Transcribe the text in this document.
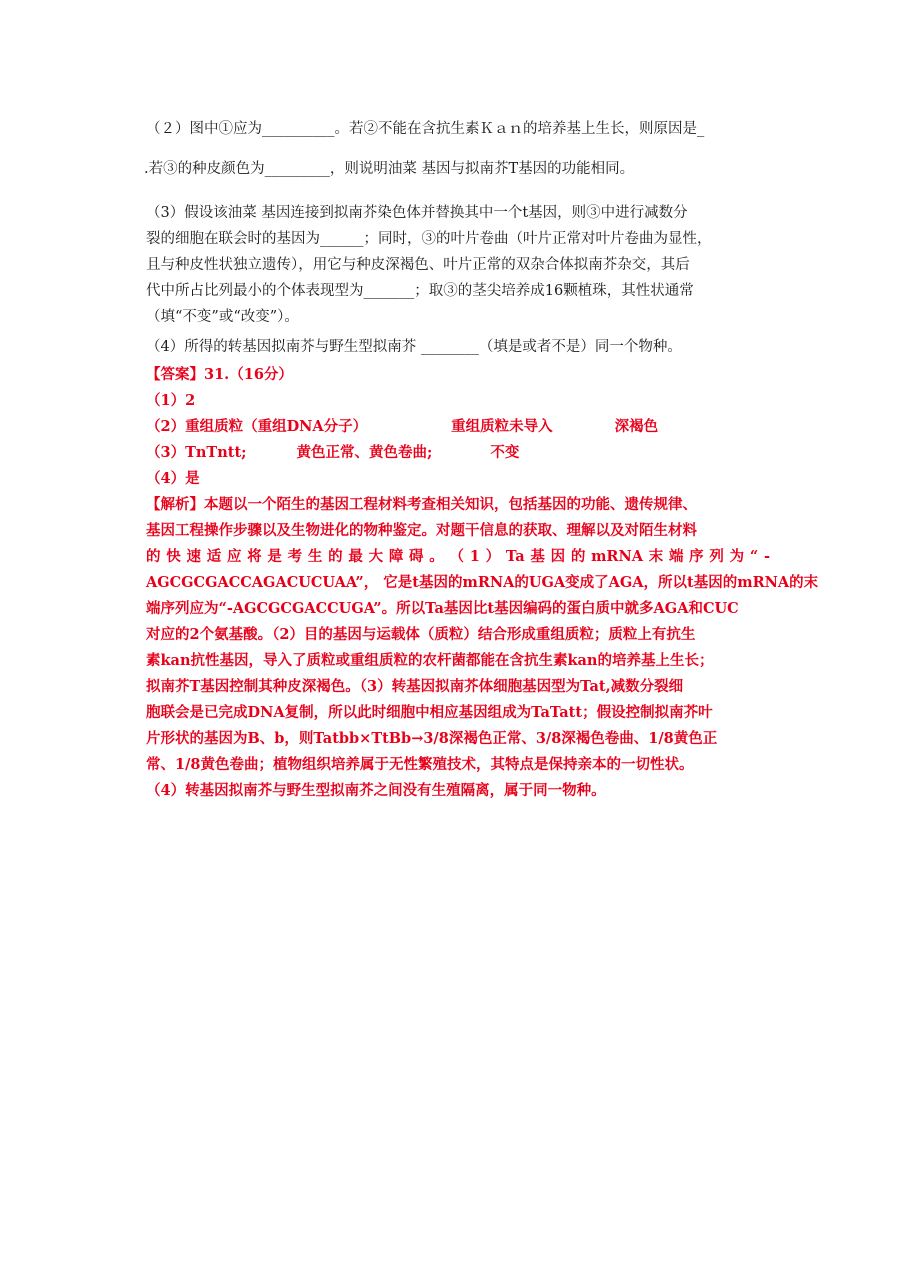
（２）图中①应为__________。若②不能在含抗生素Ｋａｎ的培养基上生长，则原因是_
.若③的种皮颜色为_________，则说明油菜 基因与拟南芥T基因的功能相同。
（3）假设该油菜 基因连接到拟南芥染色体并替换其中一个t基因，则③中进行减数分
裂的细胞在联会时的基因为______；同时，③的叶片卷曲（叶片正常对叶片卷曲为显性，
且与种皮性状独立遗传），用它与种皮深褐色、叶片正常的双杂合体拟南芥杂交，其后
代中所占比列最小的个体表现型为_______；取③的茎尖培养成16颗植珠，其性状通常
（填“不变”或“改变”）。
（4）所得的转基因拟南芥与野生型拟南芥 ________（填是或者不是）同一个物种。
【答案】31.（16分）
（1）2
（2）重组质粒（重组DNA分子）	重组质粒未导入	深褐色
（3）TnTntt;	黄色正常、黄色卷曲;	不变
（4）是
【解析】本题以一个陌生的基因工程材料考查相关知识，包括基因的功能、遗传规律、
基因工程操作步骤以及生物进化的物种鉴定。对题干信息的获取、理解以及对陌生材料
的 快 速 适 应 将 是 考 生 的 最 大 障 碍 。 （ 1 ） Ta 基 因 的 mRNA 末 端 序 列 为 “ -
AGCGCGACCAGACUCUAA”， 它是t基因的mRNA的UGA变成了AGA，所以t基因的mRNA的末
端序列应为“-AGCGCGACCUGA”。所以Ta基因比t基因编码的蛋白质中就多AGA和CUC
对应的2个氨基酸。（2）目的基因与运载体（质粒）结合形成重组质粒；质粒上有抗生
素kan抗性基因，导入了质粒或重组质粒的农杆菌都能在含抗生素kan的培养基上生长；
拟南芥T基因控制其种皮深褐色。（3）转基因拟南芥体细胞基因型为Tat,减数分裂细
胞联会是已完成DNA复制，所以此时细胞中相应基因组成为TaTatt；假设控制拟南芥叶
片形状的基因为B、b，则Tatbb×TtBb→3/8深褐色正常、3/8深褐色卷曲、1/8黄色正
常、1/8黄色卷曲；植物组织培养属于无性繁殖技术，其特点是保持亲本的一切性状。
（4）转基因拟南芥与野生型拟南芥之间没有生殖隔离，属于同一物种。
